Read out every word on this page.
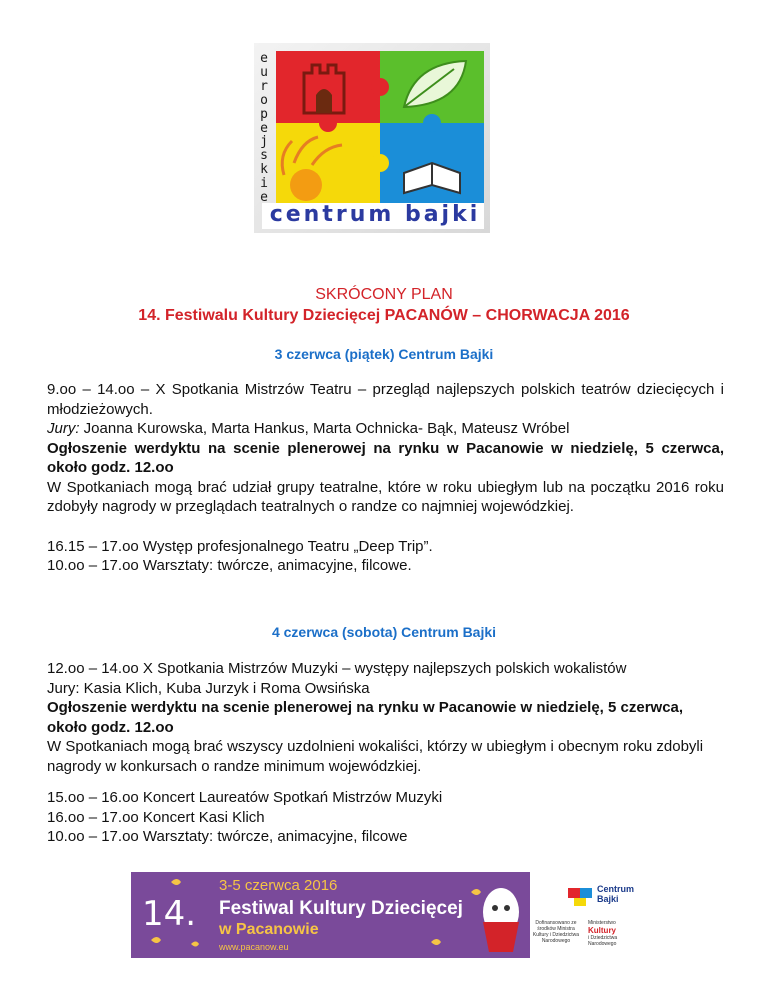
e
u
r
o
p
e
j
s
k
i
e
centrum bajki
SKRÓCONY PLAN
14. Festiwalu Kultury Dziecięcej PACANÓW – CHORWACJA 2016
3 czerwca (piątek) Centrum Bajki

9.oo – 14.oo – X Spotkania Mistrzów Teatru – przegląd najlepszych polskich teatrów dziecięcych i młodzieżowych.

Jury: Joanna Kurowska, Marta Hankus, Marta Ochnicka- Bąk, Mateusz Wróbel

Ogłoszenie werdyktu na scenie plenerowej na rynku w Pacanowie w niedzielę, 5 czerwca, około godz. 12.oo

W Spotkaniach mogą brać udział grupy teatralne, które w roku ubiegłym lub na początku 2016 roku zdobyły nagrody w przeglądach teatralnych o randze co najmniej wojewódzkiej.

16.15 – 17.oo Występ profesjonalnego Teatru „Deep Trip”.

10.oo – 17.oo Warsztaty: twórcze, animacyjne, filcowe.

4 czerwca (sobota) Centrum Bajki

12.oo – 14.oo X Spotkania Mistrzów Muzyki – występy najlepszych polskich wokalistów

Jury: Kasia Klich, Kuba Jurzyk i Roma Owsińska

Ogłoszenie werdyktu na scenie plenerowej na rynku w Pacanowie w niedzielę, 5 czerwca, około godz. 12.oo

W Spotkaniach mogą brać wszyscy uzdolnieni wokaliści, którzy w ubiegłym i obecnym roku zdobyli nagrody w konkursach o randze minimum wojewódzkiej.

15.oo – 16.oo Koncert Laureatów Spotkań Mistrzów Muzyki

16.oo – 17.oo Koncert Kasi Klich

10.oo – 17.oo Warsztaty: twórcze, animacyjne, filcowe

14.
3-5 czerwca 2016
Festiwal Kultury Dziecięcej
w Pacanowie
www.pacanow.eu
Centrum Bajki
Dofinansowano ze środków Ministra Kultury i Dziedzictwa Narodowego
Ministerstwo
Kultury
i Dziedzictwa Narodowego
